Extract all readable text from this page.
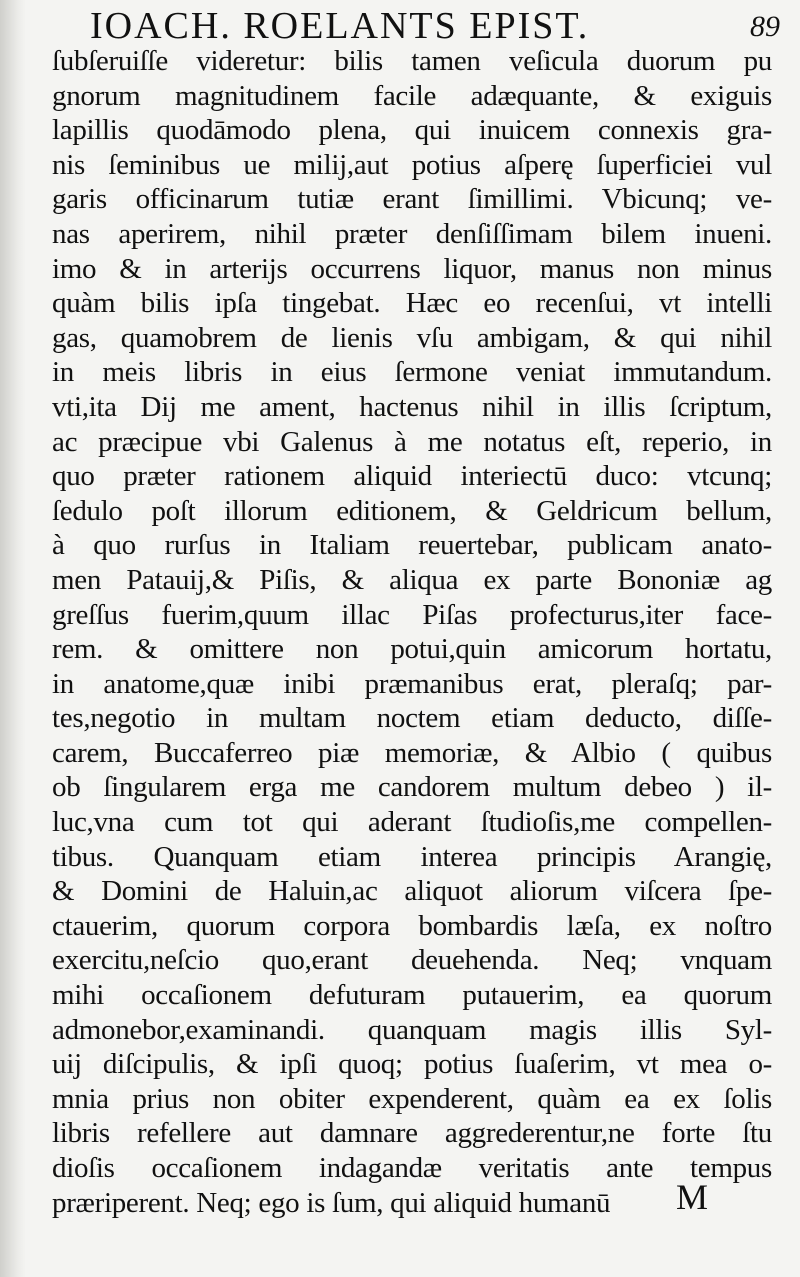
IOACH. ROELANTS EPIST.	89
ſubſeruiſſe videretur: bilis tamen veſicula duorum pu
gnorum magnitudinem facile adæquante, & exiguis
lapillis quodāmodo plena, qui inuicem connexis gra-
nis ſeminibus ue milij,aut potius aſperę ſuperficiei vul
garis officinarum tutiæ erant ſimillimi. Vbicunq; ve-
nas aperirem, nihil præter denſiſſimam bilem inueni.
imo & in arterijs occurrens liquor, manus non minus
quàm bilis ipſa tingebat. Hæc eo recenſui, vt intelli
gas, quamobrem de lienis vſu ambigam, & qui nihil
in meis libris in eius ſermone veniat immutandum.
vti,ita Dij me ament, hactenus nihil in illis ſcriptum,
ac præcipue vbi Galenus à me notatus eſt, reperio, in
quo præter rationem aliquid interiectū duco: vtcunq;
ſedulo poſt illorum editionem, & Geldricum bellum,
à quo rurſus in Italiam reuertebar, publicam anato-
men Patauij,& Piſis, & aliqua ex parte Bononiæ ag
greſſus fuerim,quum illac Piſas profecturus,iter face-
rem. & omittere non potui,quin amicorum hortatu,
in anatome,quæ inibi præmanibus erat, pleraſq; par-
tes,negotio in multam noctem etiam deducto, diſſe-
carem, Buccaferreo piæ memoriæ, & Albio ( quibus
ob ſingularem erga me candorem multum debeo ) il-
luc,vna cum tot qui aderant ſtudioſis,me compellen-
tibus. Quanquam etiam interea principis Arangię,
& Domini de Haluin,ac aliquot aliorum viſcera ſpe-
ctauerim, quorum corpora bombardis læſa, ex noſtro
exercitu,neſcio quo,erant deuehenda. Neq; vnquam
mihi occaſionem defuturam putauerim, ea quorum
admonebor,examinandi. quanquam magis illis Syl-
uij diſcipulis, & ipſi quoq; potius ſuaſerim, vt mea o-
mnia prius non obiter expenderent, quàm ea ex ſolis
libris refellere aut damnare aggrederentur,ne forte ſtu
dioſis occaſionem indagandæ veritatis ante tempus
præriperent. Neq; ego is ſum, qui aliquid humanū	M
